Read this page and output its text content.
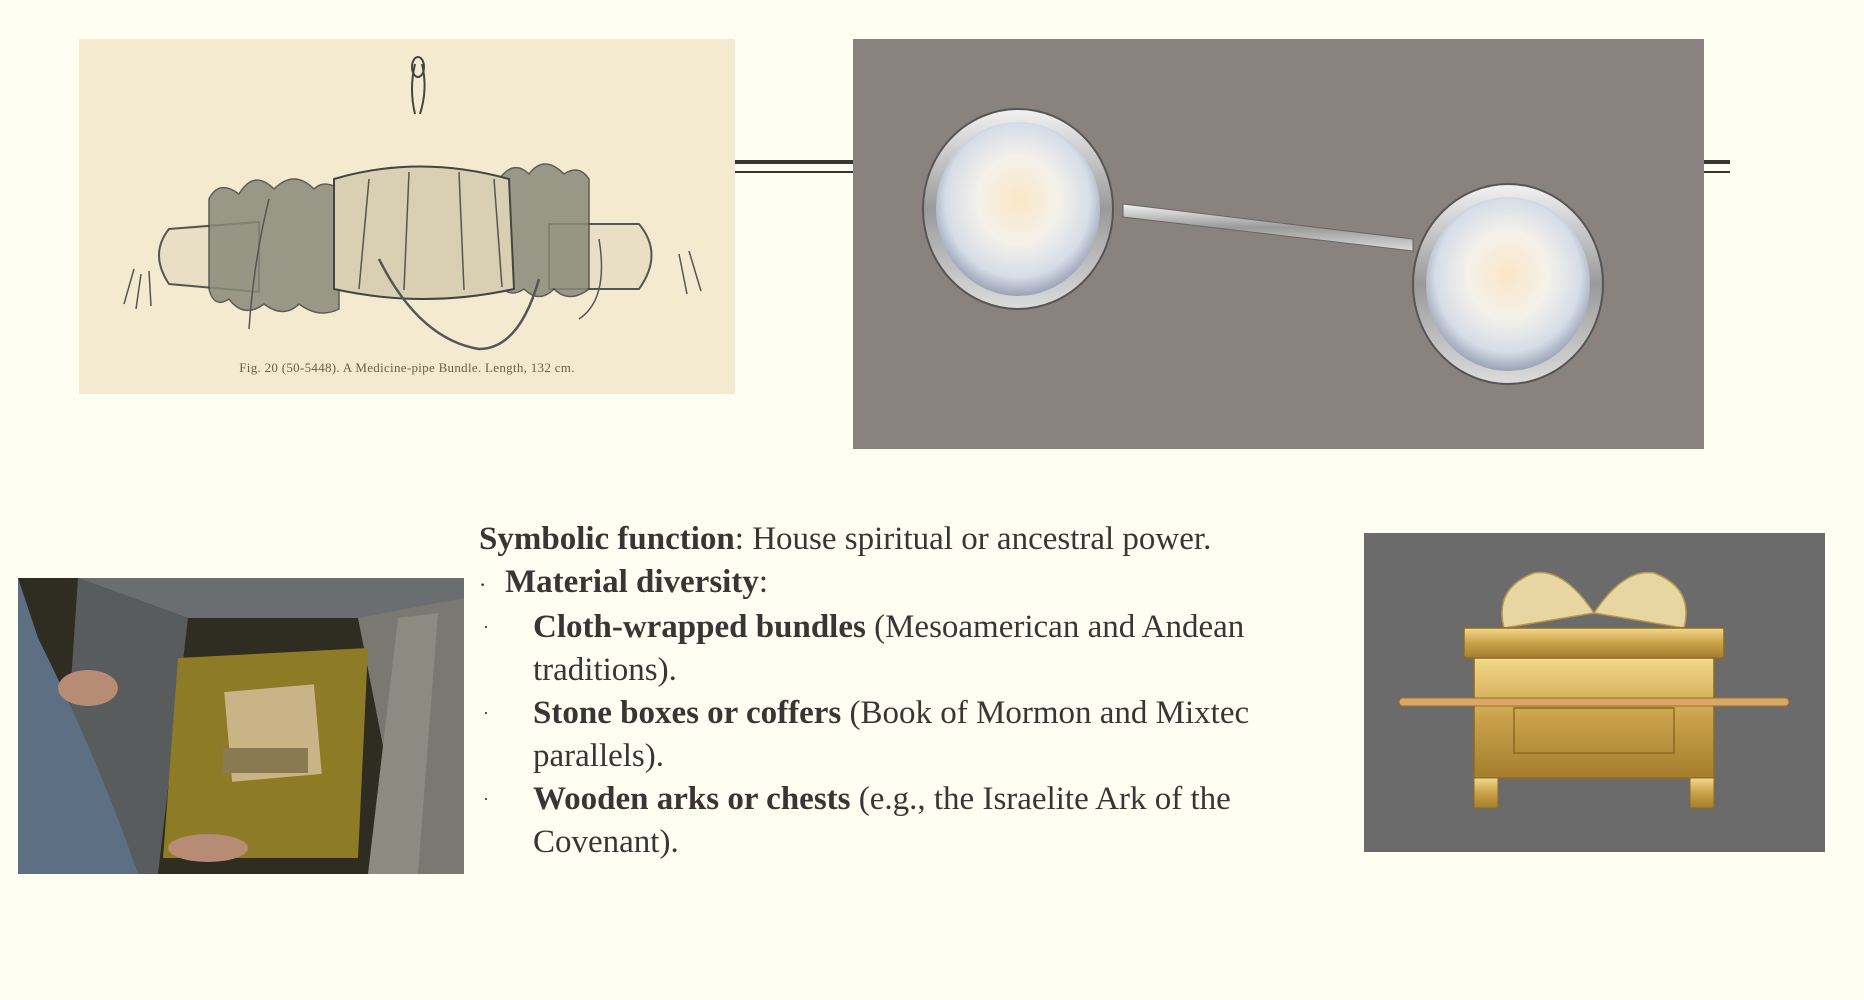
Fig. 20 (50-5448). A Medicine-pipe Bundle. Length, 132 cm.
Symbolic function: House spiritual or ancestral power.
· Material diversity:
· Cloth-wrapped bundles (Mesoamerican and Andean
traditions).
· Stone boxes or coffers (Book of Mormon and Mixtec
parallels).
· Wooden arks or chests (e.g., the Israelite Ark of the
Covenant).
